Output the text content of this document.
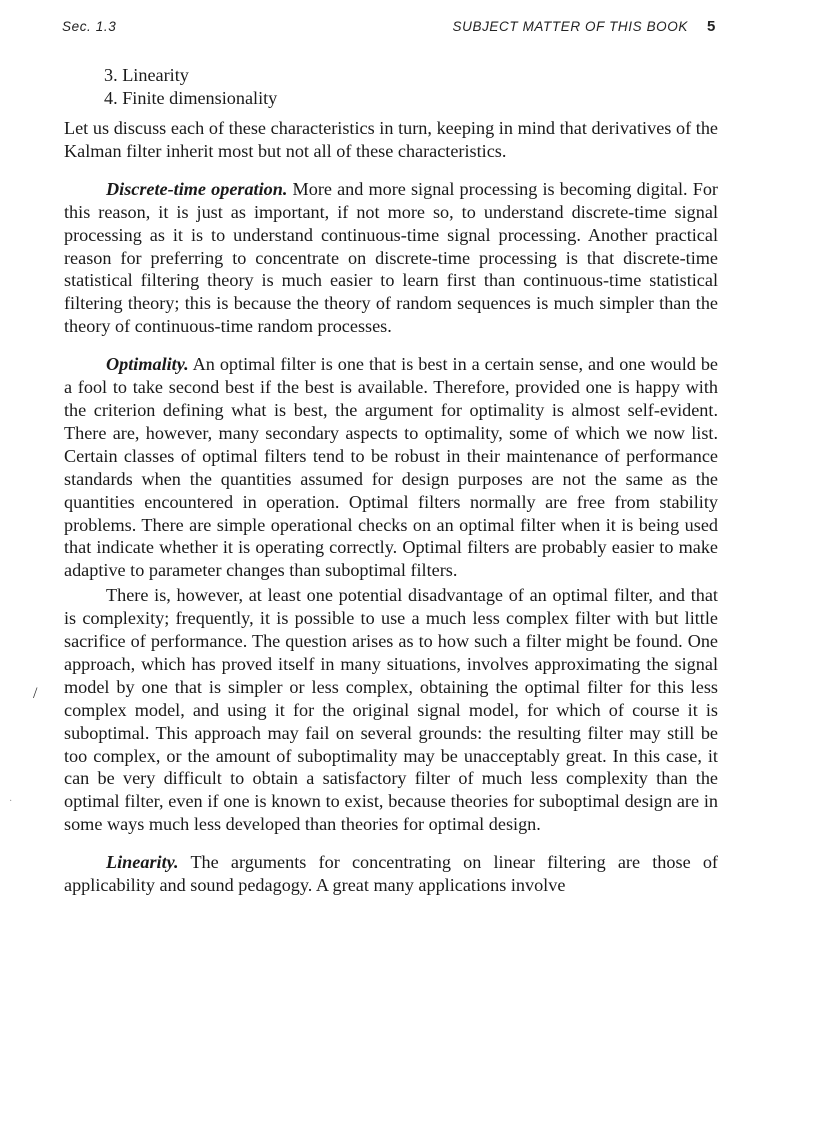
Sec. 1.3	SUBJECT MATTER OF THIS BOOK 5
3. Linearity
4. Finite dimensionality

Let us discuss each of these characteristics in turn, keeping in mind that derivatives of the Kalman filter inherit most but not all of these characteristics.

Discrete-time operation. More and more signal processing is becoming digital. For this reason, it is just as important, if not more so, to understand discrete-time signal processing as it is to understand continuous-time signal processing. Another practical reason for preferring to concentrate on discrete-time processing is that discrete-time statistical filtering theory is much easier to learn first than continuous-time statistical filtering theory; this is because the theory of random sequences is much simpler than the theory of continuous-time random processes.

Optimality. An optimal filter is one that is best in a certain sense, and one would be a fool to take second best if the best is available. Therefore, provided one is happy with the criterion defining what is best, the argument for optimality is almost self-evident. There are, however, many secondary aspects to optimality, some of which we now list. Certain classes of optimal filters tend to be robust in their maintenance of performance standards when the quantities assumed for design purposes are not the same as the quantities encountered in operation. Optimal filters normally are free from stability problems. There are simple operational checks on an optimal filter when it is being used that indicate whether it is operating correctly. Optimal filters are probably easier to make adaptive to parameter changes than suboptimal filters.

There is, however, at least one potential disadvantage of an optimal filter, and that is complexity; frequently, it is possible to use a much less complex filter with but little sacrifice of performance. The question arises as to how such a filter might be found. One approach, which has proved itself in many situations, involves approximating the signal model by one that is simpler or less complex, obtaining the optimal filter for this less complex model, and using it for the original signal model, for which of course it is suboptimal. This approach may fail on several grounds: the resulting filter may still be too complex, or the amount of suboptimality may be unacceptably great. In this case, it can be very difficult to obtain a satisfactory filter of much less complexity than the optimal filter, even if one is known to exist, because theories for suboptimal design are in some ways much less developed than theories for optimal design.

Linearity. The arguments for concentrating on linear filtering are those of applicability and sound pedagogy. A great many applications involve

/
·
